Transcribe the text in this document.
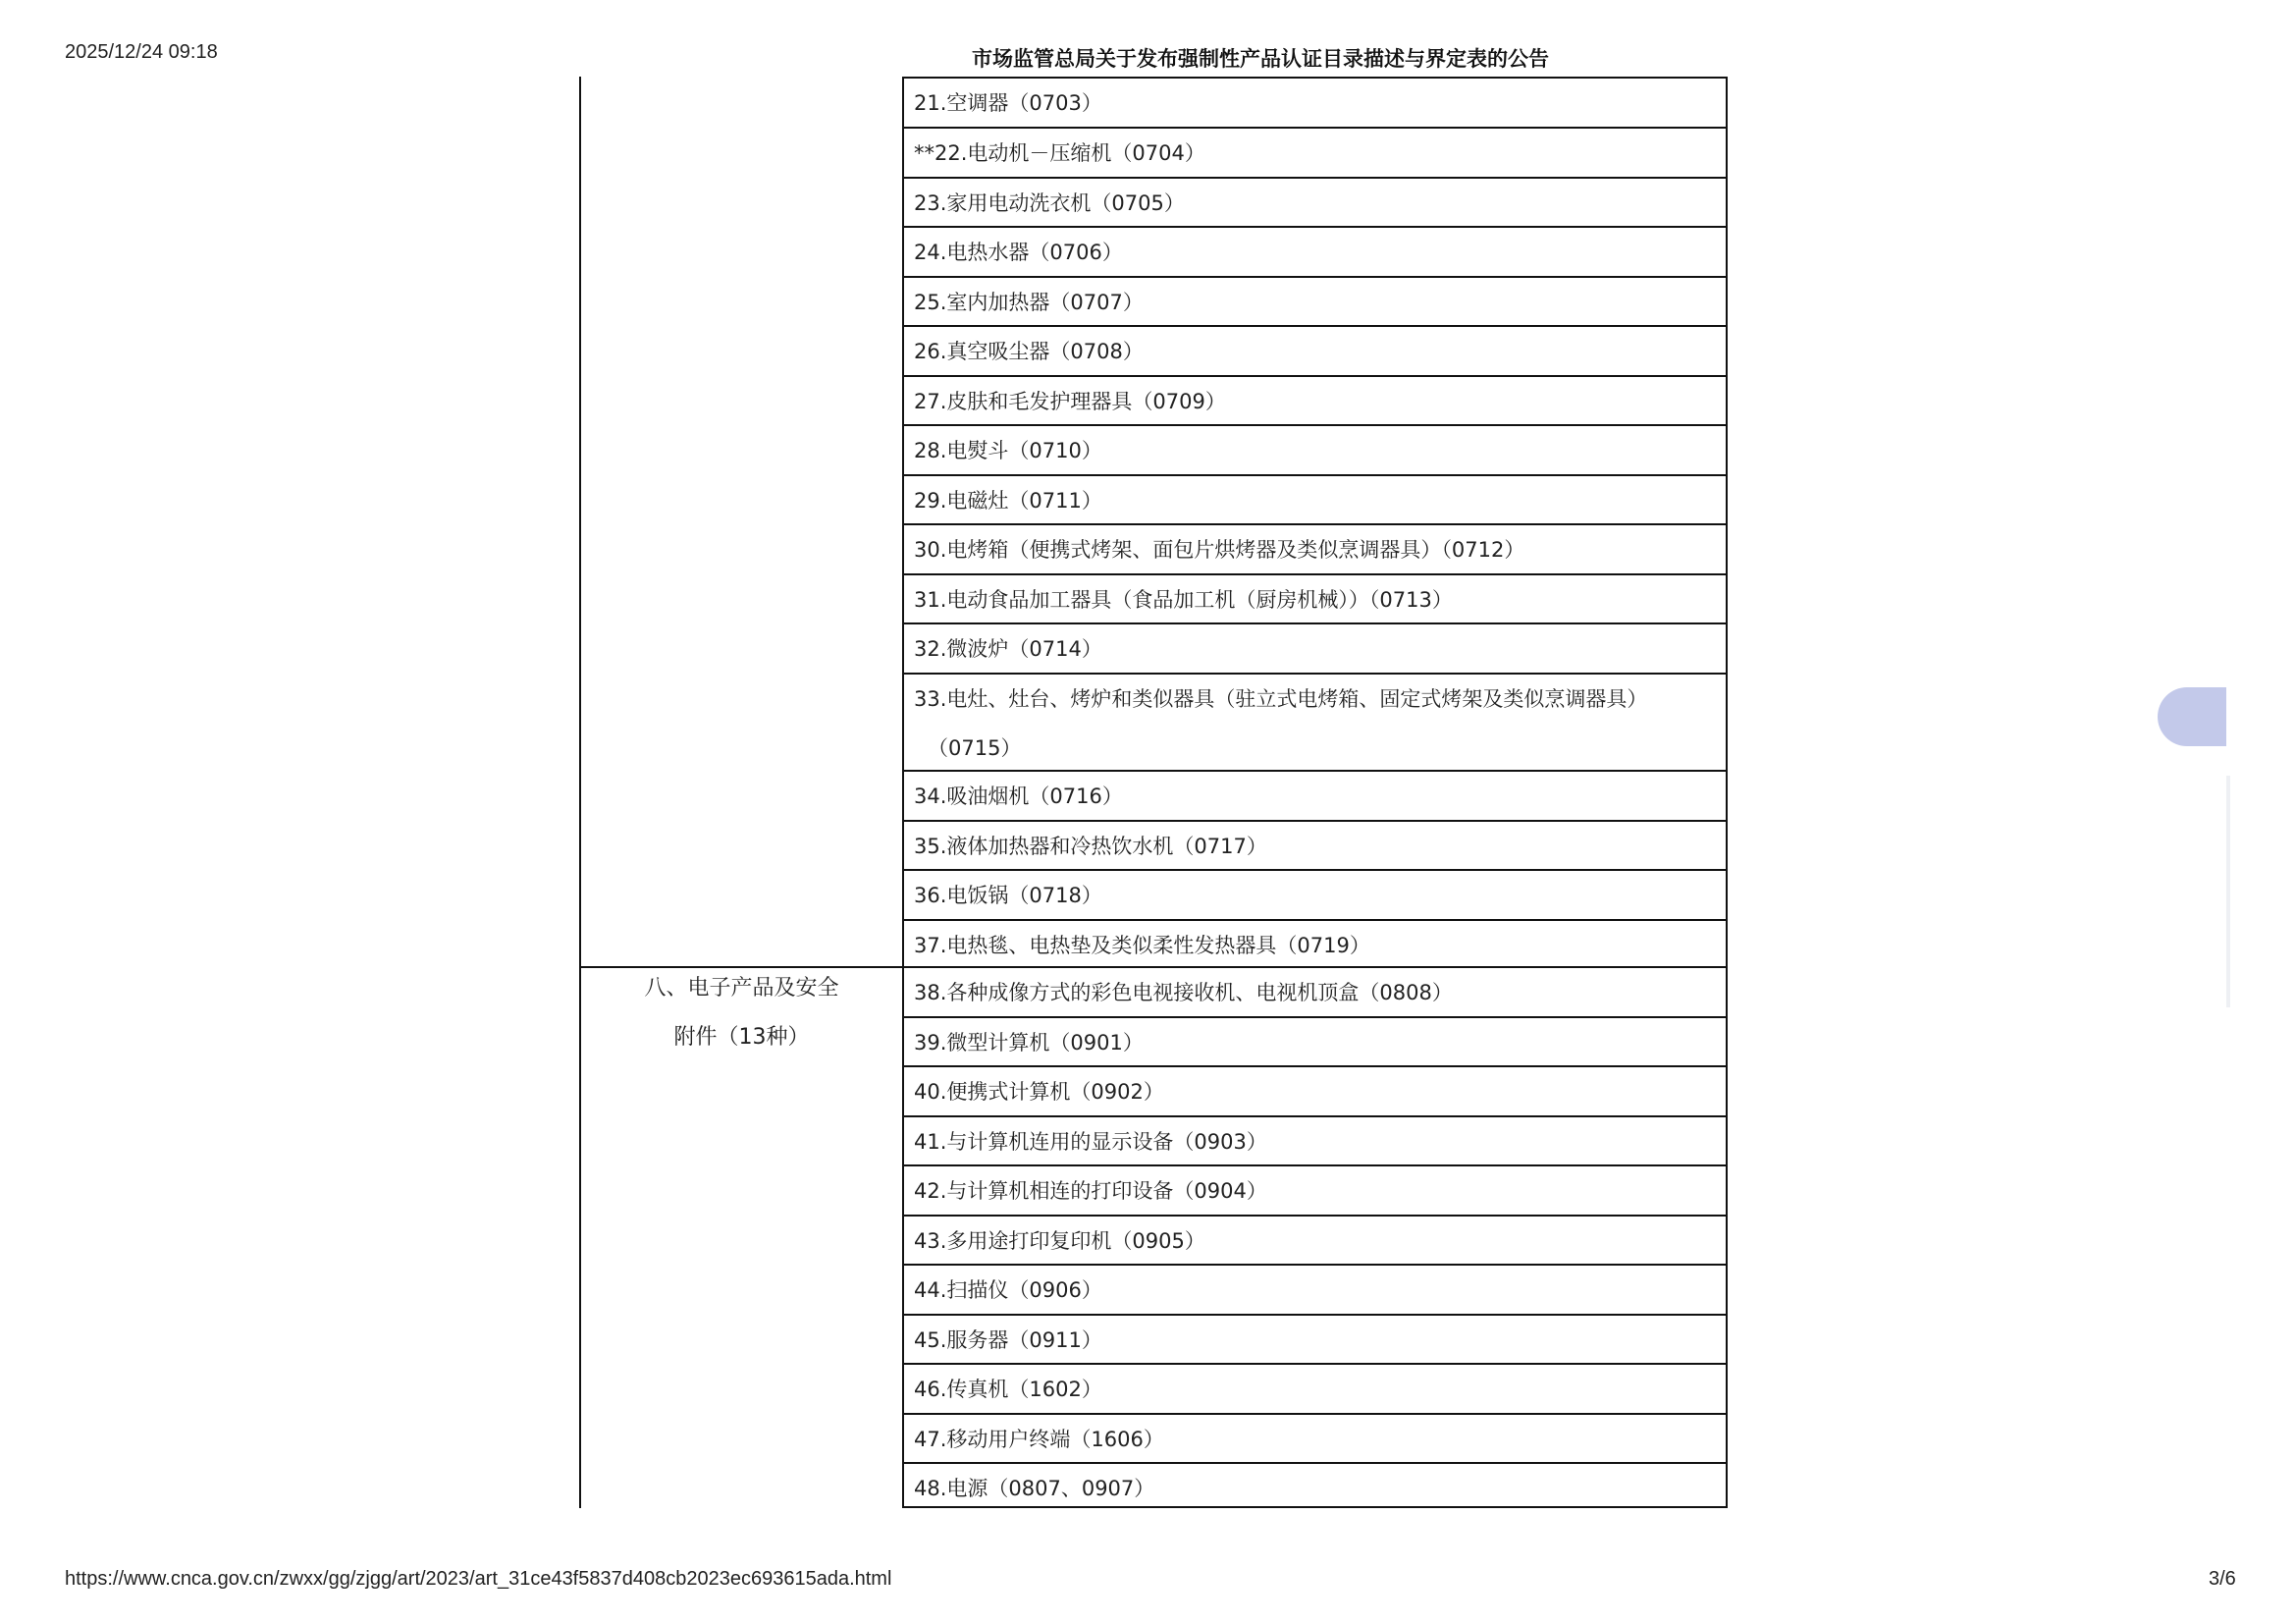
2025/12/24 09:18	市场监管总局关于发布强制性产品认证目录描述与界定表的公告
八、电子产品及安全
附件（13种）
21.空调器（0703）
**22.电动机－压缩机（0704）
23.家用电动洗衣机（0705）
24.电热水器（0706）
25.室内加热器（0707）
26.真空吸尘器（0708）
27.皮肤和毛发护理器具（0709）
28.电熨斗（0710）
29.电磁灶（0711）
30.电烤箱（便携式烤架、面包片烘烤器及类似烹调器具）（0712）
31.电动食品加工器具（食品加工机（厨房机械））（0713）
32.微波炉（0714）
33.电灶、灶台、烤炉和类似器具（驻立式电烤箱、固定式烤架及类似烹调器具）
（0715）
34.吸油烟机（0716）
35.液体加热器和冷热饮水机（0717）
36.电饭锅（0718）
37.电热毯、电热垫及类似柔性发热器具（0719）
38.各种成像方式的彩色电视接收机、电视机顶盒（0808）
39.微型计算机（0901）
40.便携式计算机（0902）
41.与计算机连用的显示设备（0903）
42.与计算机相连的打印设备（0904）
43.多用途打印复印机（0905）
44.扫描仪（0906）
45.服务器（0911）
46.传真机（1602）
47.移动用户终端（1606）
48.电源（0807、0907）
https://www.cnca.gov.cn/zwxx/gg/zjgg/art/2023/art_31ce43f5837d408cb2023ec693615ada.html	3/6
